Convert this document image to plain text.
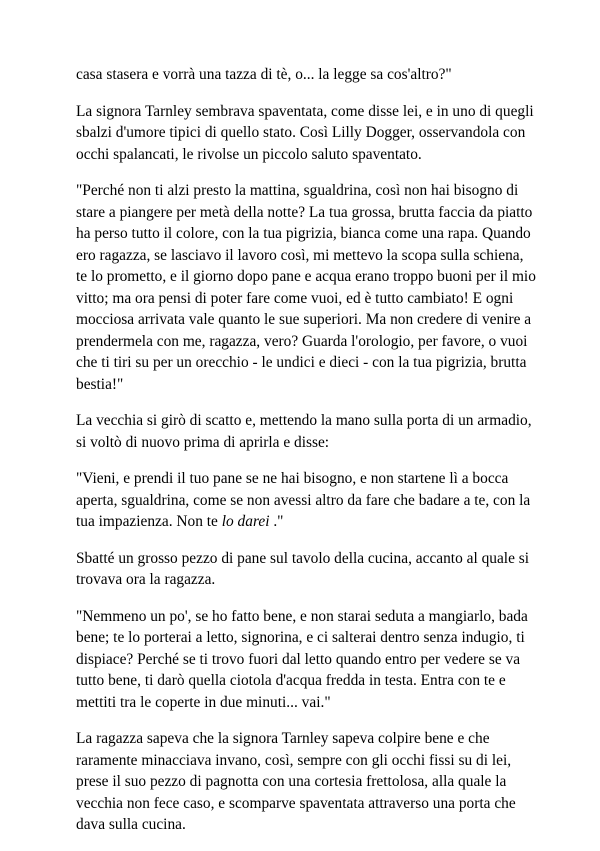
casa stasera e vorrà una tazza di tè, o... la legge sa cos'altro?"

La signora Tarnley sembrava spaventata, come disse lei, e in uno di quegli sbalzi d'umore tipici di quello stato. Così Lilly Dogger, osservandola con occhi spalancati, le rivolse un piccolo saluto spaventato.

"Perché non ti alzi presto la mattina, sgualdrina, così non hai bisogno di stare a piangere per metà della notte? La tua grossa, brutta faccia da piatto ha perso tutto il colore, con la tua pigrizia, bianca come una rapa. Quando ero ragazza, se lasciavo il lavoro così, mi mettevo la scopa sulla schiena, te lo prometto, e il giorno dopo pane e acqua erano troppo buoni per il mio vitto; ma ora pensi di poter fare come vuoi, ed è tutto cambiato! E ogni mocciosa arrivata vale quanto le sue superiori. Ma non credere di venire a prendermela con me, ragazza, vero? Guarda l'orologio, per favore, o vuoi che ti tiri su per un orecchio - le undici e dieci - con la tua pigrizia, brutta bestia!"

La vecchia si girò di scatto e, mettendo la mano sulla porta di un armadio, si voltò di nuovo prima di aprirla e disse:

"Vieni, e prendi il tuo pane se ne hai bisogno, e non startene lì a bocca aperta, sgualdrina, come se non avessi altro da fare che badare a te, con la tua impazienza. Non te lo darei ."

Sbatté un grosso pezzo di pane sul tavolo della cucina, accanto al quale si trovava ora la ragazza.

"Nemmeno un po', se ho fatto bene, e non starai seduta a mangiarlo, bada bene; te lo porterai a letto, signorina, e ci salterai dentro senza indugio, ti dispiace? Perché se ti trovo fuori dal letto quando entro per vedere se va tutto bene, ti darò quella ciotola d'acqua fredda in testa. Entra con te e mettiti tra le coperte in due minuti... vai."

La ragazza sapeva che la signora Tarnley sapeva colpire bene e che raramente minacciava invano, così, sempre con gli occhi fissi su di lei, prese il suo pezzo di pagnotta con una cortesia frettolosa, alla quale la vecchia non fece caso, e scomparve spaventata attraverso una porta che dava sulla cucina.
